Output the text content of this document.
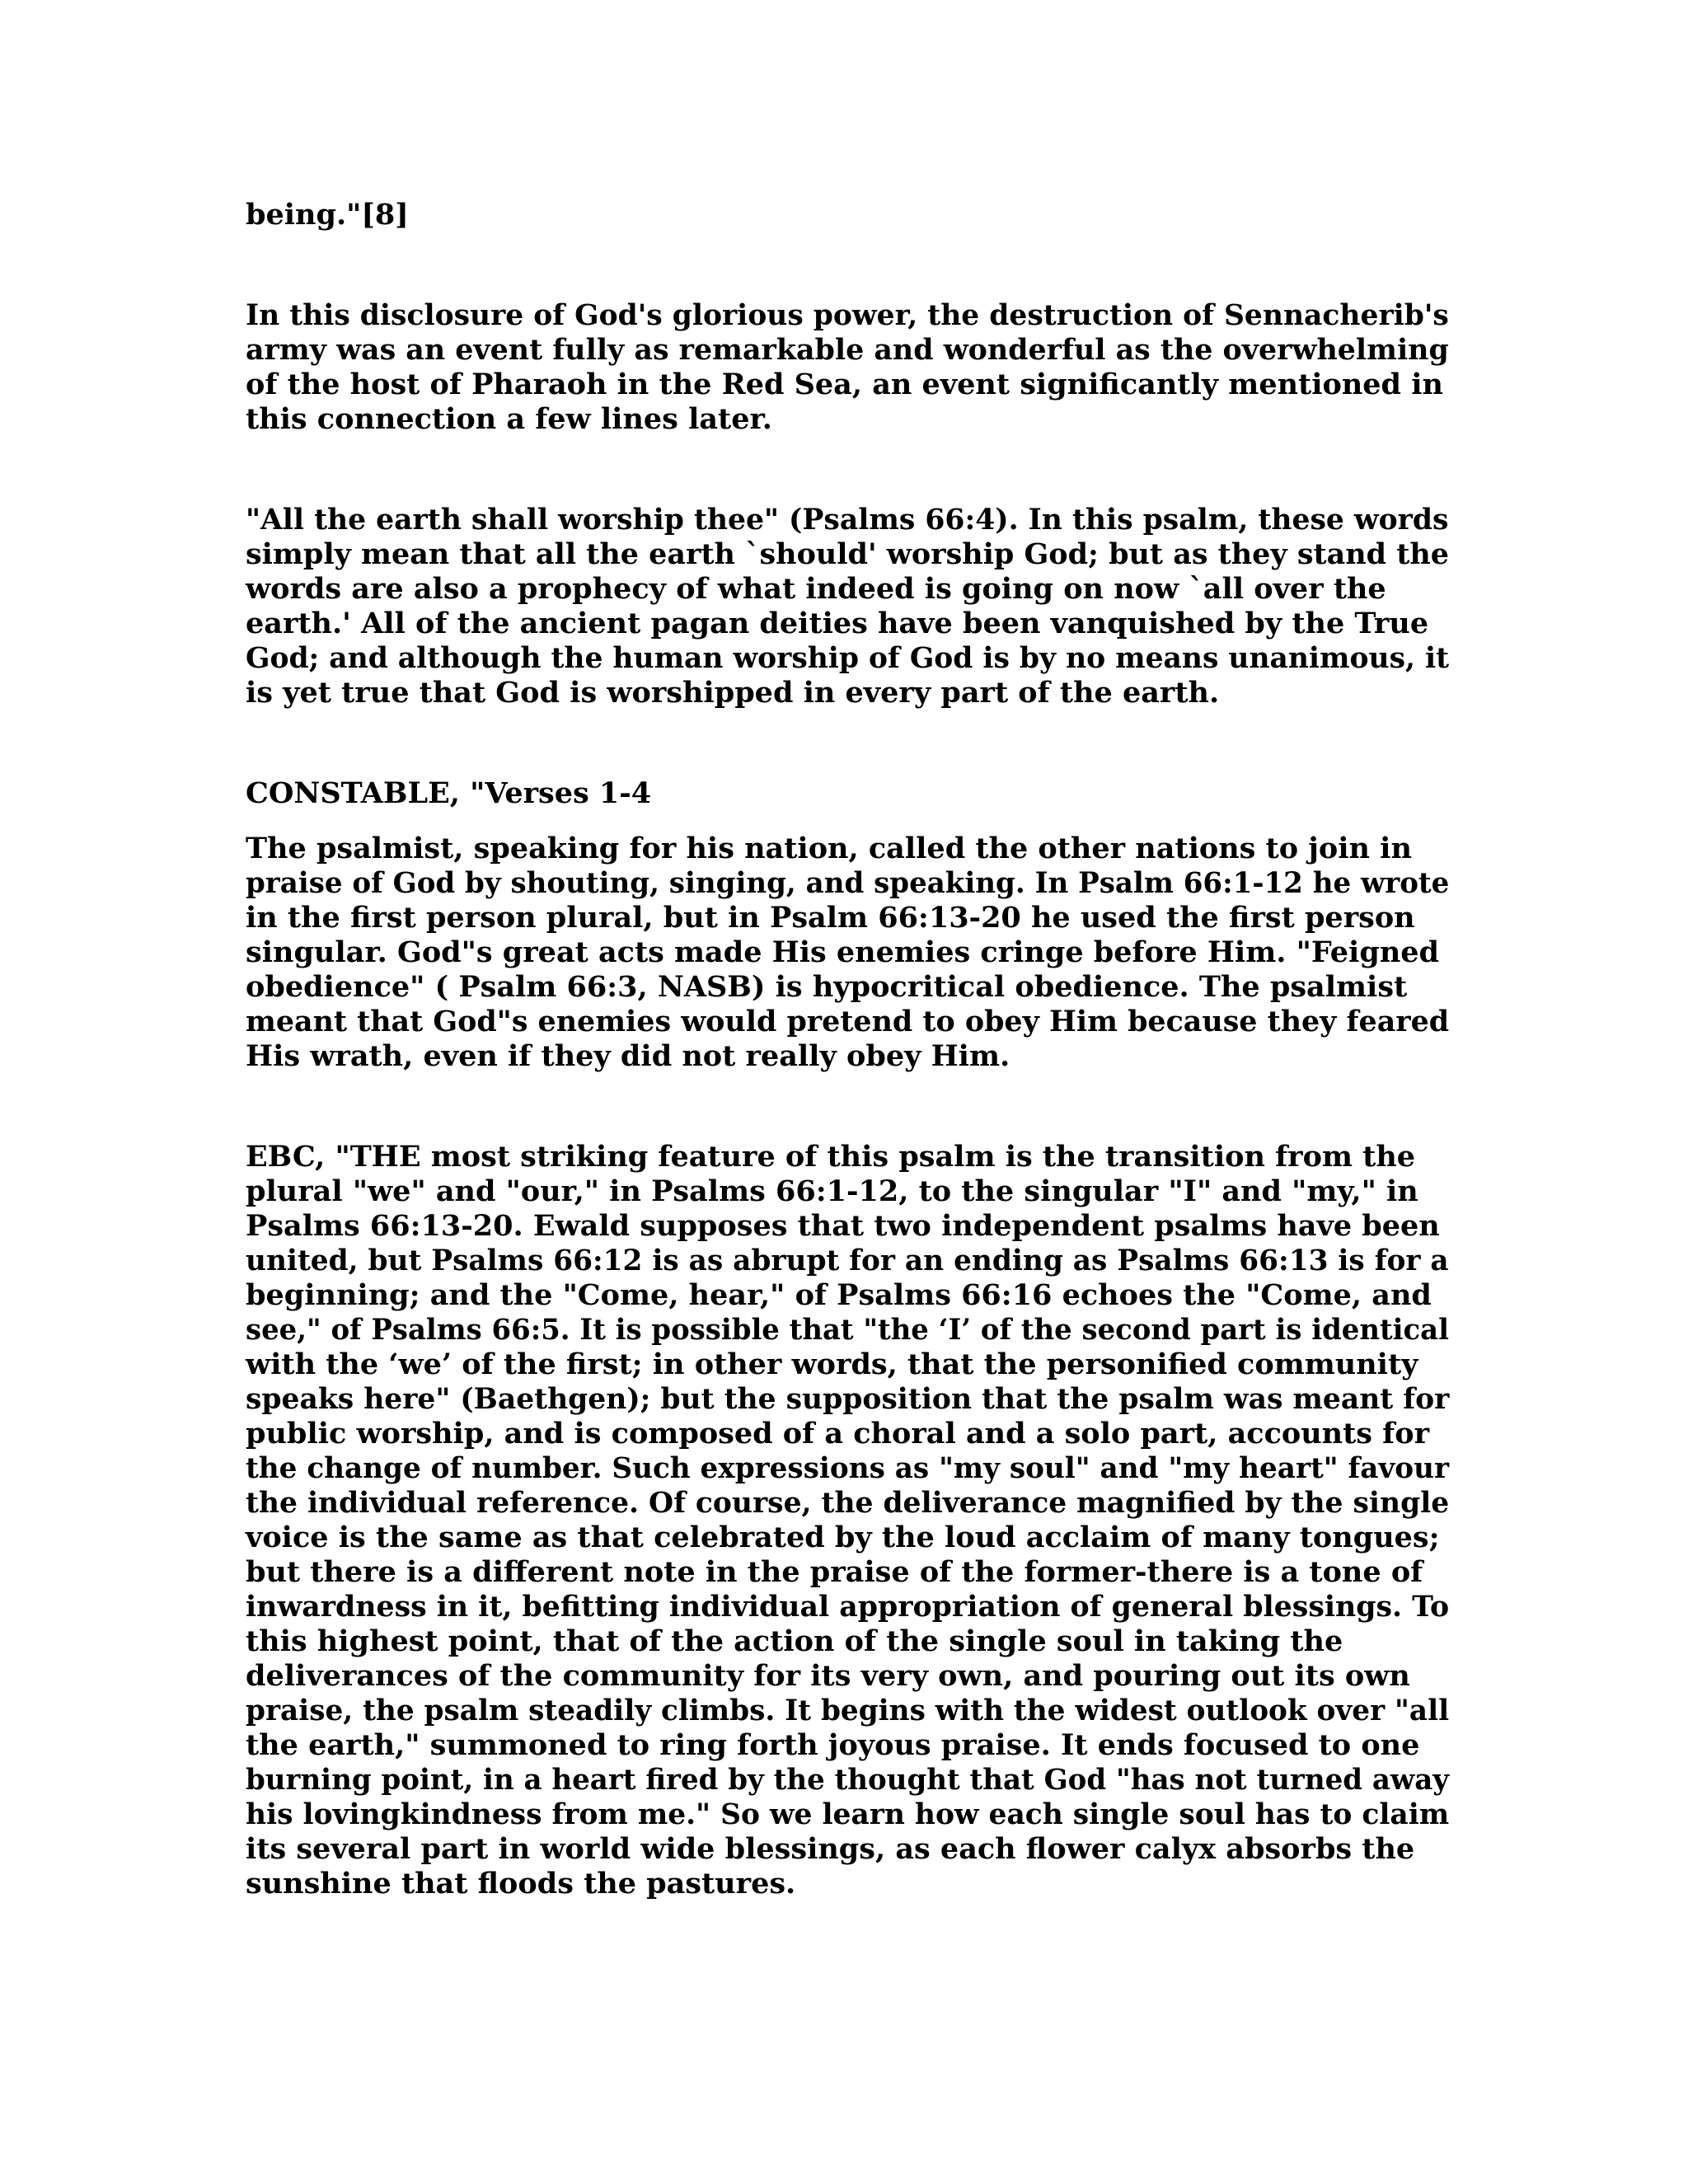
being."[8]
In this disclosure of God's glorious power, the destruction of Sennacherib's
army was an event fully as remarkable and wonderful as the overwhelming
of the host of Pharaoh in the Red Sea, an event significantly mentioned in
this connection a few lines later.
"All the earth shall worship thee" (Psalms 66:4). In this psalm, these words
simply mean that all the earth `should' worship God; but as they stand the
words are also a prophecy of what indeed is going on now `all over the
earth.' All of the ancient pagan deities have been vanquished by the True
God; and although the human worship of God is by no means unanimous, it
is yet true that God is worshipped in every part of the earth.
CONSTABLE, "Verses 1-4
The psalmist, speaking for his nation, called the other nations to join in
praise of God by shouting, singing, and speaking. In Psalm 66:1-12 he wrote
in the first person plural, but in Psalm 66:13-20 he used the first person
singular. God"s great acts made His enemies cringe before Him. "Feigned
obedience" ( Psalm 66:3, NASB) is hypocritical obedience. The psalmist
meant that God"s enemies would pretend to obey Him because they feared
His wrath, even if they did not really obey Him.
EBC, "THE most striking feature of this psalm is the transition from the
plural "we" and "our," in Psalms 66:1-12, to the singular "I" and "my," in
Psalms 66:13-20. Ewald supposes that two independent psalms have been
united, but Psalms 66:12 is as abrupt for an ending as Psalms 66:13 is for a
beginning; and the "Come, hear," of Psalms 66:16 echoes the "Come, and
see," of Psalms 66:5. It is possible that "the ‘I’ of the second part is identical
with the ‘we’ of the first; in other words, that the personified community
speaks here" (Baethgen); but the supposition that the psalm was meant for
public worship, and is composed of a choral and a solo part, accounts for
the change of number. Such expressions as "my soul" and "my heart" favour
the individual reference. Of course, the deliverance magnified by the single
voice is the same as that celebrated by the loud acclaim of many tongues;
but there is a different note in the praise of the former-there is a tone of
inwardness in it, befitting individual appropriation of general blessings. To
this highest point, that of the action of the single soul in taking the
deliverances of the community for its very own, and pouring out its own
praise, the psalm steadily climbs. It begins with the widest outlook over "all
the earth," summoned to ring forth joyous praise. It ends focused to one
burning point, in a heart fired by the thought that God "has not turned away
his lovingkindness from me." So we learn how each single soul has to claim
its several part in world wide blessings, as each flower calyx absorbs the
sunshine that floods the pastures.
